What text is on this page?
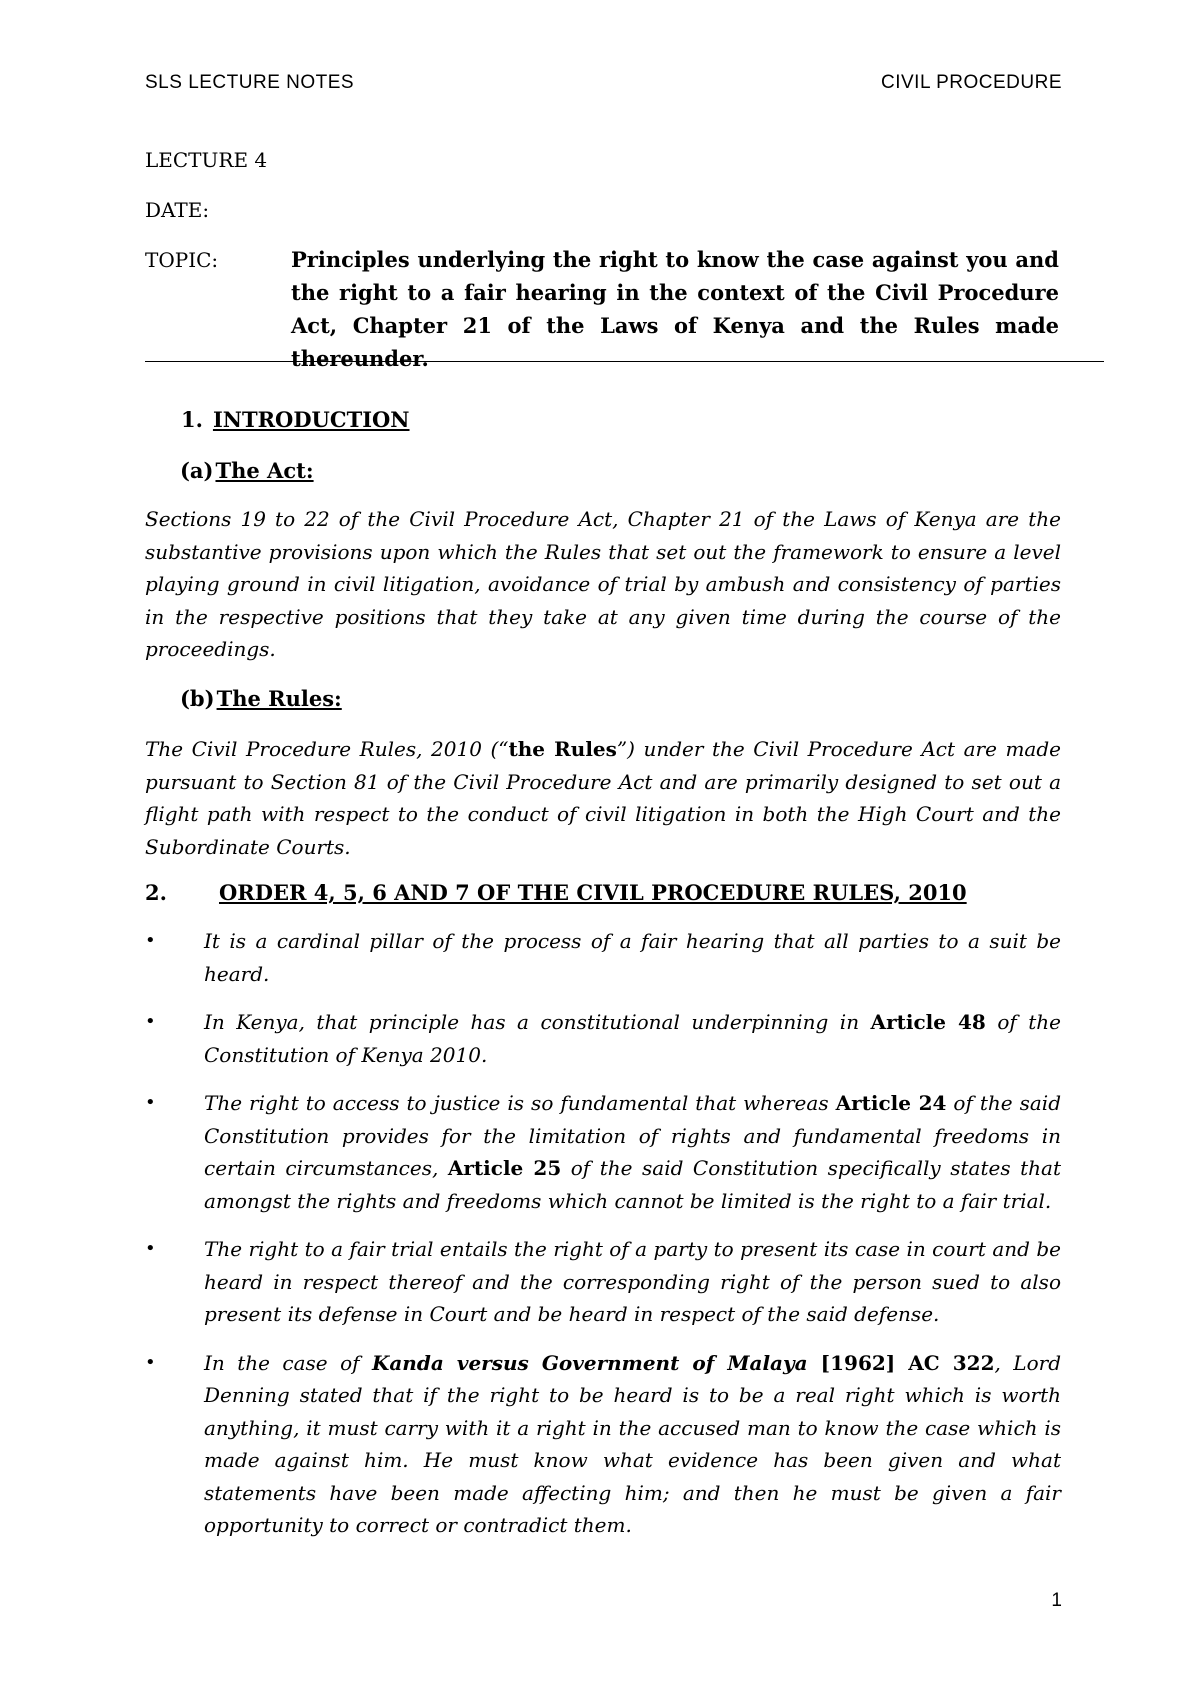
SLS LECTURE NOTES	CIVIL PROCEDURE
LECTURE 4
DATE:
TOPIC:	Principles underlying the right to know the case against you and the right to a fair hearing in the context of the Civil Procedure Act, Chapter 21 of the Laws of Kenya and the Rules made thereunder.
1. INTRODUCTION
(a)The Act:
Sections 19 to 22 of the Civil Procedure Act, Chapter 21 of the Laws of Kenya are the substantive provisions upon which the Rules that set out the framework to ensure a level playing ground in civil litigation, avoidance of trial by ambush and consistency of parties in the respective positions that they take at any given time during the course of the proceedings.
(b)The Rules:
The Civil Procedure Rules, 2010 (“the Rules”) under the Civil Procedure Act are made pursuant to Section 81 of the Civil Procedure Act and are primarily designed to set out a flight path with respect to the conduct of civil litigation in both the High Court and the Subordinate Courts.
2. ORDER 4, 5, 6 AND 7 OF THE CIVIL PROCEDURE RULES, 2010
• It is a cardinal pillar of the process of a fair hearing that all parties to a suit be heard.
• In Kenya, that principle has a constitutional underpinning in Article 48 of the Constitution of Kenya 2010.
• The right to access to justice is so fundamental that whereas Article 24 of the said Constitution provides for the limitation of rights and fundamental freedoms in certain circumstances, Article 25 of the said Constitution specifically states that amongst the rights and freedoms which cannot be limited is the right to a fair trial.
• The right to a fair trial entails the right of a party to present its case in court and be heard in respect thereof and the corresponding right of the person sued to also present its defense in Court and be heard in respect of the said defense.
• In the case of Kanda versus Government of Malaya [1962] AC 322, Lord Denning stated that if the right to be heard is to be a real right which is worth anything, it must carry with it a right in the accused man to know the case which is made against him. He must know what evidence has been given and what statements have been made affecting him; and then he must be given a fair opportunity to correct or contradict them.
1
